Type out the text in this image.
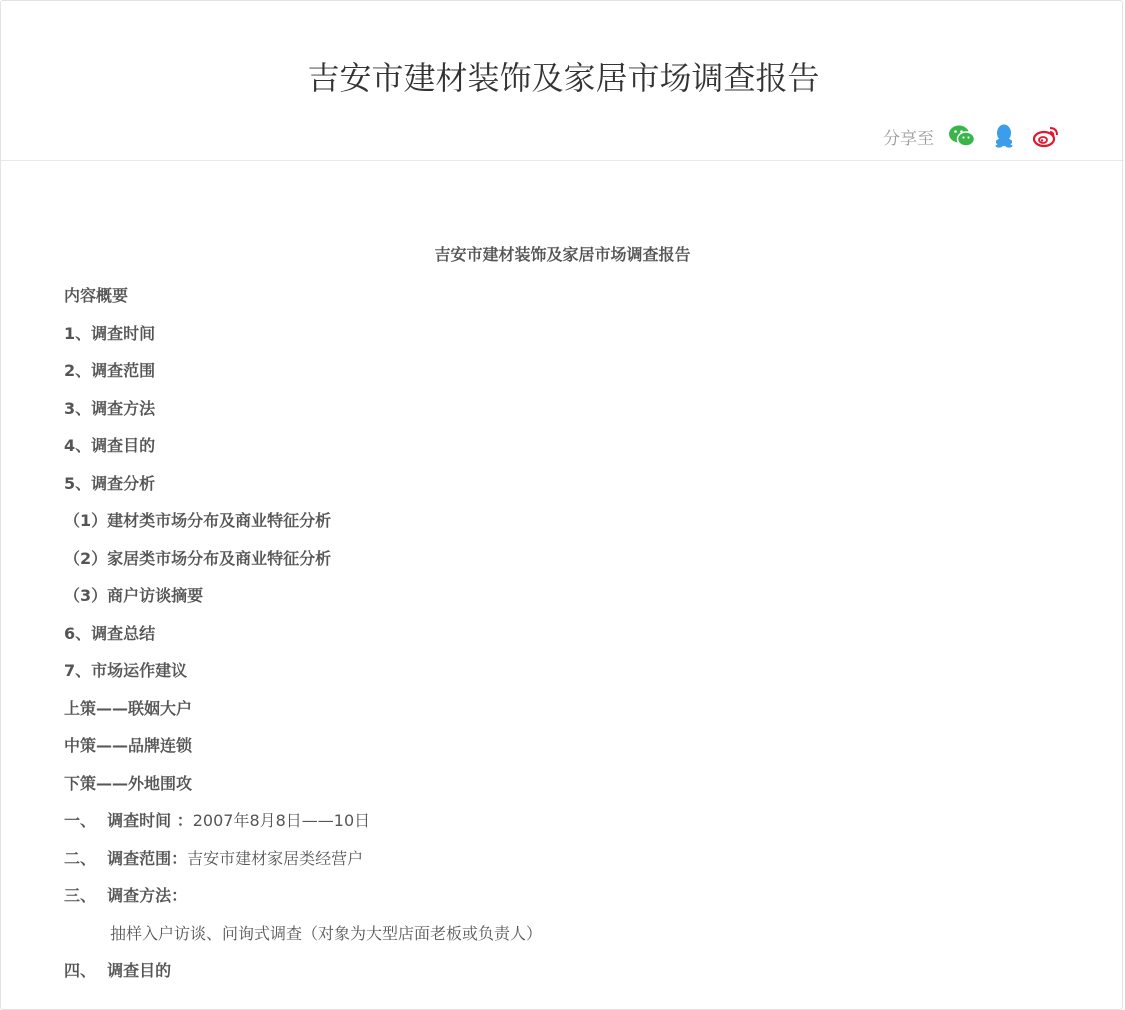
吉安市建材装饰及家居市场调查报告
分享至
吉安市建材装饰及家居市场调查报告
内容概要
1、调查时间
2、调查范围
3、调查方法
4、调查目的
5、调查分析
（1）建材类市场分布及商业特征分析
（2）家居类市场分布及商业特征分析
（3）商户访谈摘要
6、调查总结
7、市场运作建议
上策——联姻大户
中策——品牌连锁
下策——外地围攻
一、  调查时间 ：2007年8月8日——10日
二、  调查范围：吉安市建材家居类经营户
三、  调查方法：
抽样入户访谈、问询式调查（对象为大型店面老板或负责人）
四、  调查目的
